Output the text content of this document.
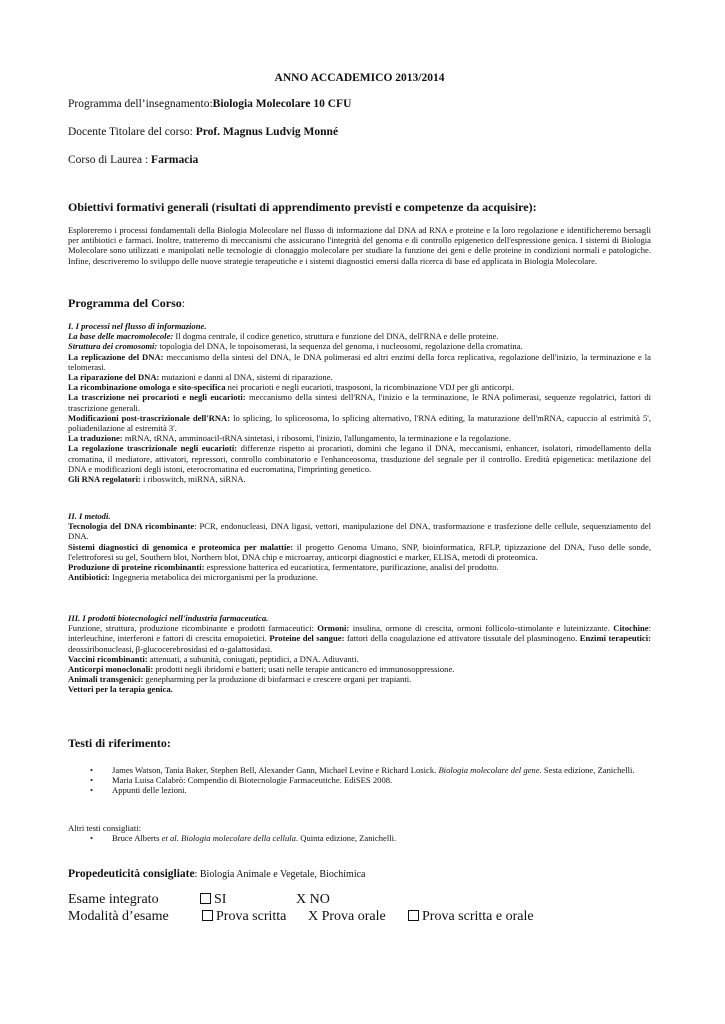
ANNO ACCADEMICO 2013/2014
Programma dell’insegnamento:Biologia Molecolare 10 CFU
Docente Titolare del corso: Prof. Magnus Ludvig Monné
Corso di Laurea : Farmacia
Obiettivi formativi generali (risultati di apprendimento previsti e competenze da acquisire):
Esploreremo i processi fondamentali della Biologia Molecolare nel flusso di informazione dal DNA ad RNA e proteine e la loro regolazione e identificheremo bersagli per antibiotici e farmaci. Inoltre, tratteremo di meccanismi che assicurano l'integrità del genoma e di controllo epigenetico dell'espressione genica. I sistemi di Biologia Molecolare sono utilizzati e manipolati nelle tecnologie di clonaggio molecolare per studiare la funzione dei geni e delle proteine in condizioni normali e patologiche. Infine, descriveremo lo sviluppo delle nuove strategie terapeutiche e i sistemi diagnostici emersi dalla ricerca di base ed applicata in Biologia Molecolare.
Programma del Corso:

I. I processi nel flusso di informazione.

La base delle macromolecole: Il dogma centrale, il codice genetico, struttura e funzione del DNA, dell'RNA e delle proteine.

Struttura dei cromosomi: topologia del DNA, le topoisomerasi, la sequenza del genoma, i nucleosomi, regolazione della cromatina.

La replicazione del DNA: meccanismo della sintesi del DNA, le DNA polimerasi ed altri enzimi della forca replicativa, regolazione dell'inizio, la terminazione e la telomerasi.

La riparazione del DNA: mutazioni e danni al DNA, sistemi di riparazione.

La ricombinazione omologa e sito-specifica nei procarioti e negli eucarioti, trasposoni, la ricombinazione VDJ per gli anticorpi.

La trascrizione nei procarioti e negli eucarioti: meccanismo della sintesi dell'RNA, l'inizio e la terminazione, le RNA polimerasi, sequenze regolatrici, fattori di trascrizione generali.

Modificazioni post-trascrizionale dell'RNA: lo splicing, lo spliceosoma, lo splicing alternativo, l'RNA editing, la maturazione dell'mRNA, capuccio al estrimità 5', poliadenilazione al estremità 3'.

La traduzione: mRNA, tRNA, amminoacil-tRNA sintetasi, i ribosomi, l'inizio, l'allungamento, la terminazione e la regolazione.

La regolazione trascrizionale negli eucarioti: differenze rispetto ai procarioti, domini che legano il DNA, meccanismi, enhancer, isolatori, rimodellamento della cromatina, il mediatore, attivatori, repressori, controllo combinatorio e l'enhanceosoma, trasduzione del segnale per il controllo. Eredità epigenetica: metilazione del DNA e modificazioni degli istoni, eterocromatina ed eucromatina, l'imprinting genetico.

Gli RNA regolatori: i riboswitch, miRNA, siRNA.

II. I metodi.

Tecnologia del DNA ricombinante: PCR, endonucleasi, DNA ligasi, vettori, manipulazione del DNA, trasformazione e trasfezione delle cellule, sequenziamento del DNA.

Sistemi diagnostici di genomica e proteomica per malattie: il progetto Genoma Umano, SNP, bioinformatica, RFLP, tipizzazione del DNA, l'uso delle sonde, l'elettroforesi su gel, Southern blot, Northern blot, DNA chip e microarray, anticorpi diagnostici e marker, ELISA, metodi di proteomica.

Produzione di proteine ricombinanti: espressione batterica ed eucariotica, fermentatore, purificazione, analisi del prodotto.

Antibiotici: Ingegneria metabolica dei microrganismi per la produzione.

III. I prodotti biotecnologici nell'industria farmaceutica.

Funzione, struttura, produzione ricombinante e prodotti farmaceutici: Ormoni: insulina, ormone di crescita, ormoni follicolo-stimolante e luteinizzante. Citochine: interleuchine, interferoni e fattori di crescita emopoietici. Proteine del sangue: fattori della coagulazione ed attivatore tissutale del plasminogeno. Enzimi terapeutici: deossiribonucleasi, β-glucocerebrosidasi ed α-galattosidasi.

Vaccini ricombinanti: attenuati, a subunità, coniugati, peptidici, a DNA. Adiuvanti.

Anticorpi monoclonali: prodotti negli ibridomi e batteri; usati nelle terapie anticancro ed immunosoppressione.

Animali transgenici: genepharming per la produzione di biofarmaci e crescere organi per trapianti.

Vettori per la terapia genica.

Testi di riferimento:
• James Watson, Tania Baker, Stephen Bell, Alexander Gann, Michael Levine e Richard Losick. Biologia molecolare del gene. Sesta edizione, Zanichelli.
• Maria Luisa Calabrò: Compendio di Biotecnologie Farmaceutiche. EdiSES 2008.
• Appunti delle lezioni.
Altri testi consigliati:
• Bruce Alberts et al. Biologia molecolare della cellula. Quinta edizione, Zanichelli.
Propedeuticità consigliate: Biologia Animale e Vegetale, Biochimica
Esame integrato	SI	X NO
Modalità d’esame	Prova scritta X Prova orale	Prova scritta e orale
